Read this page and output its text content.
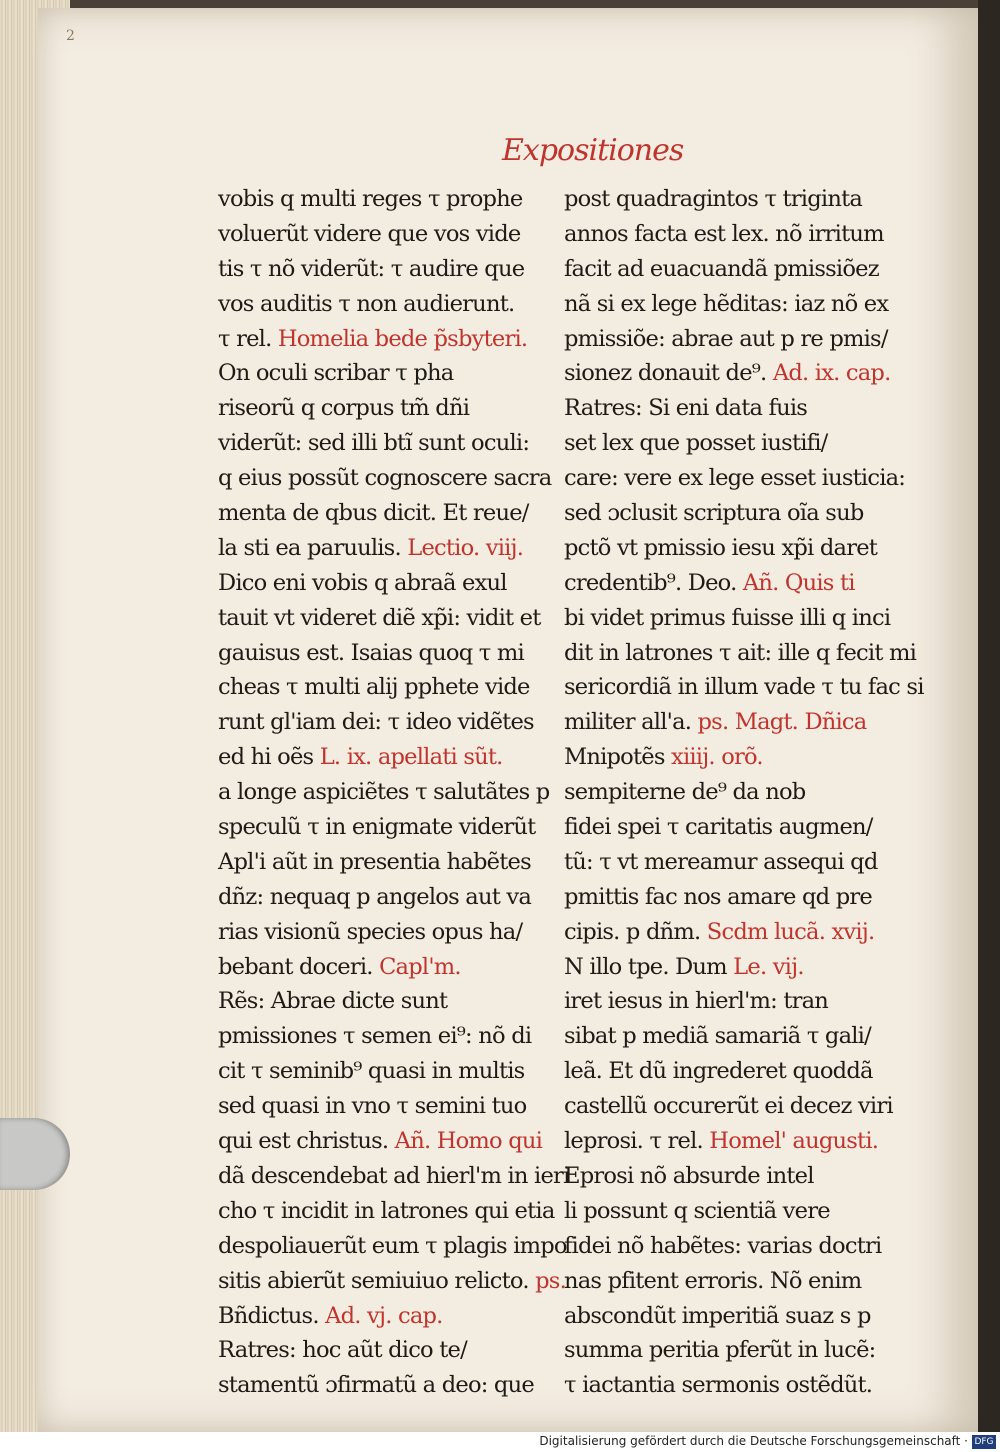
2
Expositiones
vobis q multi reges τ prophe
voluerũt videre que vos vide
tis τ nõ viderũt: τ audire que
vos auditis τ non audierunt.
τ rel. Homelia bede p̃sbyteri.
On oculi scribar τ pha
riseorũ q corpus tm̃ dñi
viderũt: sed illi btĩ sunt oculi:
q eius possũt cognoscere sacra
menta de qbus dicit. Et reue/
la sti ea paruulis. Lectio. viij.
Dico eni vobis q abraã exul
tauit vt videret diẽ xp̃i: vidit et
gauisus est. Isaias quoq τ mi
cheas τ multi alij pphete vide
runt gl'iam dei: τ ideo vidẽtes
ed hi oẽs L. ix. apellati sũt.
a longe aspiciẽtes τ salutãtes p
speculũ τ in enigmate viderũt
Apl'i aũt in presentia habẽtes
dñz: nequaq p angelos aut va
rias visionũ species opus ha/
bebant doceri. Capl'm.
Rẽs: Abrae dicte sunt
pmissiones τ semen ei⁹: nõ di
cit τ seminib⁹ quasi in multis
sed quasi in vno τ semini tuo
qui est christus. Añ. Homo qui
dã descendebat ad hierl'm in ieri
cho τ incidit in latrones qui etia
despoliauerũt eum τ plagis impo
sitis abierũt semiuiuo relicto. ps.
Bñdictus. Ad. vj. cap.
Ratres: hoc aũt dico te/
stamentũ ɔfirmatũ a deo: que
post quadragintos τ triginta
annos facta est lex. nõ irritum
facit ad euacuandã pmissiõez
nã si ex lege hẽditas: iaz nõ ex
pmissiõe: abrae aut p re pmis/
sionez donauit de⁹. Ad. ix. cap.
Ratres: Si eni data fuis
set lex que posset iustifi/
care: vere ex lege esset iusticia:
sed ɔclusit scriptura oĩa sub
pctõ vt pmissio iesu xp̃i daret
credentib⁹. Deo. Añ. Quis ti
bi videt primus fuisse illi q inci
dit in latrones τ ait: ille q fecit mi
sericordiã in illum vade τ tu fac si
militer all'a. ps. Magt. Dñica
Mnipotẽs xiiij. orõ.
sempiterne de⁹ da nob
fidei spei τ caritatis augmen/
tũ: τ vt mereamur assequi qd
pmittis fac nos amare qd pre
cipis. p dñm. Scdm lucã. xvij.
N illo tpe. Dum Le. vij.
iret iesus in hierl'm: tran
sibat p mediã samariã τ gali/
leã. Et dũ ingrederet quoddã
castellũ occurerũt ei decez viri
leprosi. τ rel. Homel' augusti.
Eprosi nõ absurde intel
li possunt q scientiã vere
fidei nõ habẽtes: varias doctri
nas pfitent erroris. Nõ enim
abscondũt imperitiã suaz s p
summa peritia pferũt in lucẽ:
τ iactantia sermonis ostẽdũt.
Digitalisierung gefördert durch die Deutsche Forschungsgemeinschaft · DFG
